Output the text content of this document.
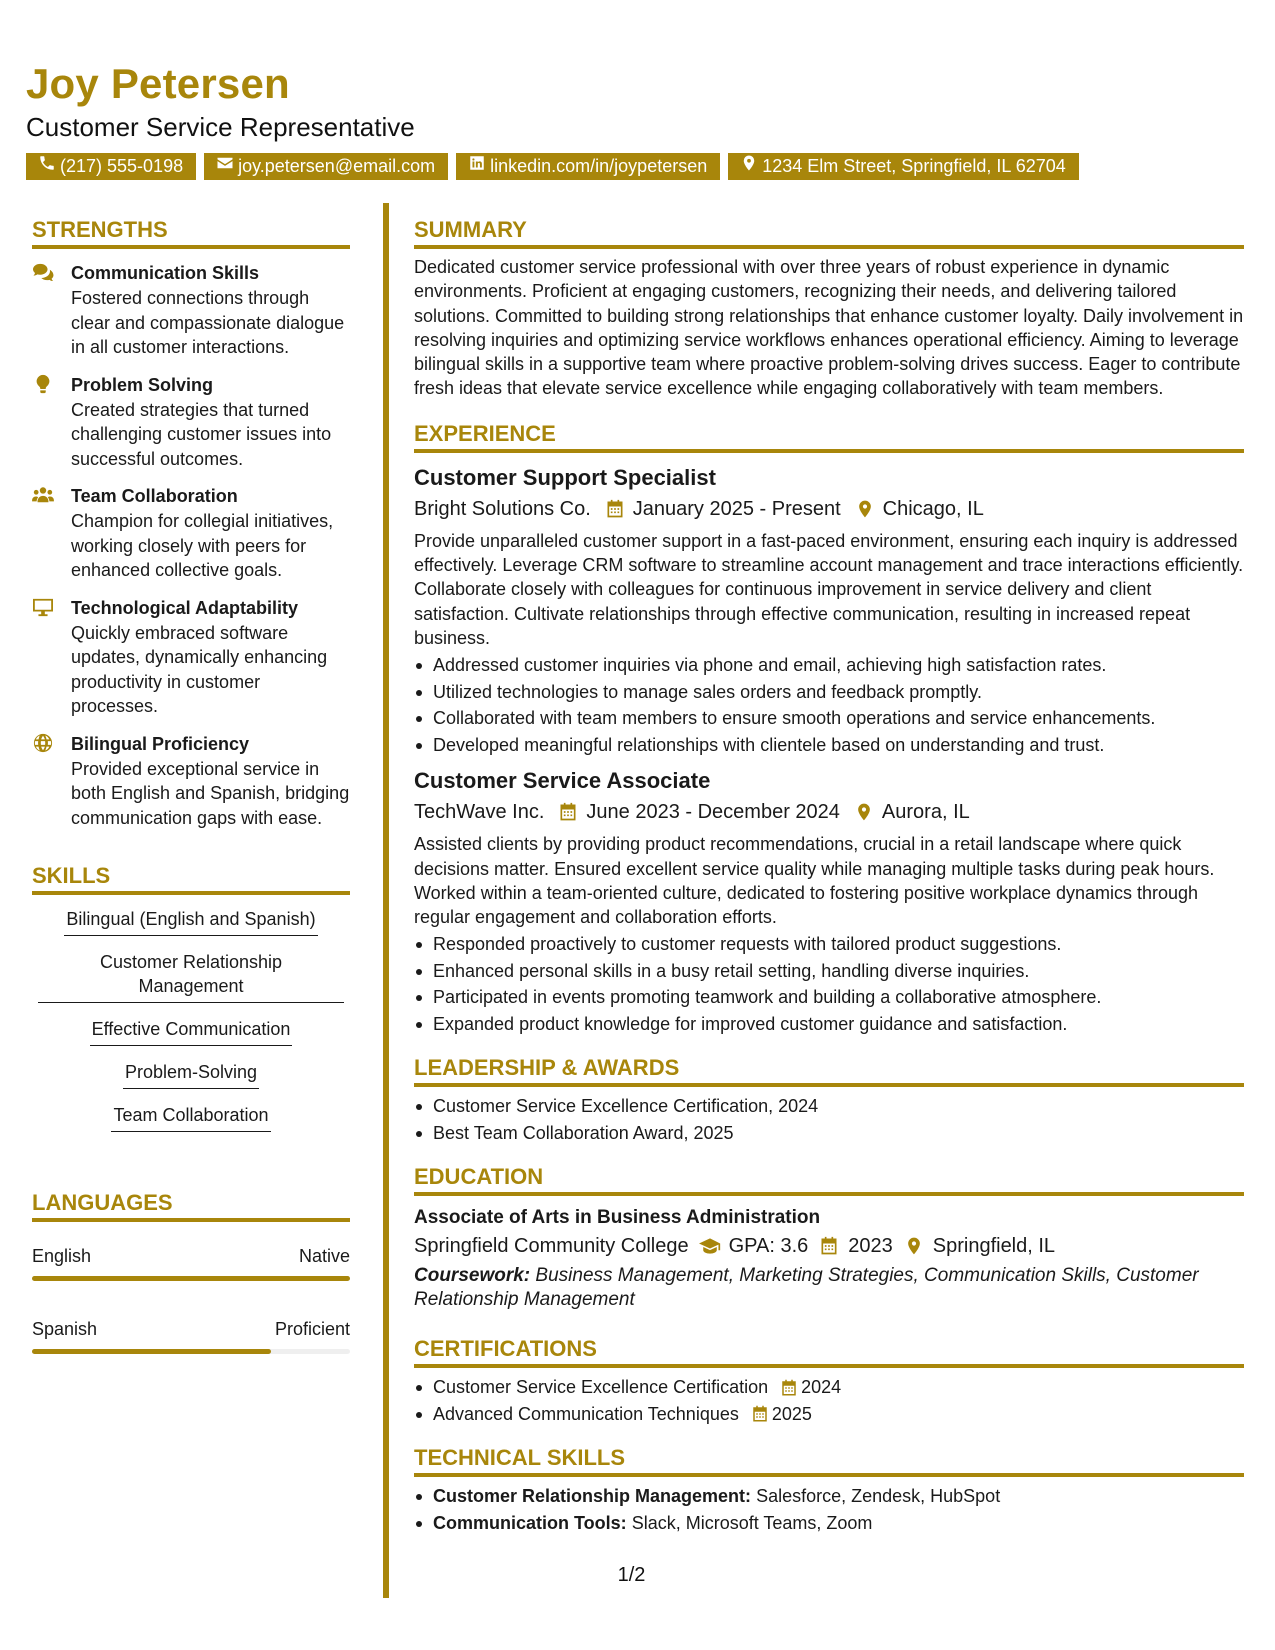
Joy Petersen
Customer Service Representative
(217) 555-0198	joy.petersen@email.com	linkedin.com/in/joypetersen	1234 Elm Street, Springfield, IL 62704
STRENGTHS
Communication Skills
Fostered connections through clear and compassionate dialogue in all customer interactions.
Problem Solving
Created strategies that turned challenging customer issues into successful outcomes.
Team Collaboration
Champion for collegial initiatives, working closely with peers for enhanced collective goals.
Technological Adaptability
Quickly embraced software updates, dynamically enhancing productivity in customer processes.
Bilingual Proficiency
Provided exceptional service in both English and Spanish, bridging communication gaps with ease.
SKILLS
Bilingual (English and Spanish)
Customer Relationship Management
Effective Communication
Problem-Solving
Team Collaboration
LANGUAGES
English	Native
Spanish	Proficient
SUMMARY
Dedicated customer service professional with over three years of robust experience in dynamic environments. Proficient at engaging customers, recognizing their needs, and delivering tailored solutions. Committed to building strong relationships that enhance customer loyalty. Daily involvement in resolving inquiries and optimizing service workflows enhances operational efficiency. Aiming to leverage bilingual skills in a supportive team where proactive problem-solving drives success. Eager to contribute fresh ideas that elevate service excellence while engaging collaboratively with team members.
EXPERIENCE
Customer Support Specialist
Bright Solutions Co. January 2025 - Present Chicago, IL
Provide unparalleled customer support in a fast-paced environment, ensuring each inquiry is addressed effectively. Leverage CRM software to streamline account management and trace interactions efficiently. Collaborate closely with colleagues for continuous improvement in service delivery and client satisfaction. Cultivate relationships through effective communication, resulting in increased repeat business.
Addressed customer inquiries via phone and email, achieving high satisfaction rates.
Utilized technologies to manage sales orders and feedback promptly.
Collaborated with team members to ensure smooth operations and service enhancements.
Developed meaningful relationships with clientele based on understanding and trust.
Customer Service Associate
TechWave Inc. June 2023 - December 2024 Aurora, IL
Assisted clients by providing product recommendations, crucial in a retail landscape where quick decisions matter. Ensured excellent service quality while managing multiple tasks during peak hours. Worked within a team-oriented culture, dedicated to fostering positive workplace dynamics through regular engagement and collaboration efforts.
Responded proactively to customer requests with tailored product suggestions.
Enhanced personal skills in a busy retail setting, handling diverse inquiries.
Participated in events promoting teamwork and building a collaborative atmosphere.
Expanded product knowledge for improved customer guidance and satisfaction.
LEADERSHIP & AWARDS
Customer Service Excellence Certification, 2024
Best Team Collaboration Award, 2025
EDUCATION
Associate of Arts in Business Administration
Springfield Community College GPA: 3.6 2023 Springfield, IL
Coursework: Business Management, Marketing Strategies, Communication Skills, Customer Relationship Management
CERTIFICATIONS
Customer Service Excellence Certification 2024
Advanced Communication Techniques 2025
TECHNICAL SKILLS
Customer Relationship Management: Salesforce, Zendesk, HubSpot
Communication Tools: Slack, Microsoft Teams, Zoom
1/2
